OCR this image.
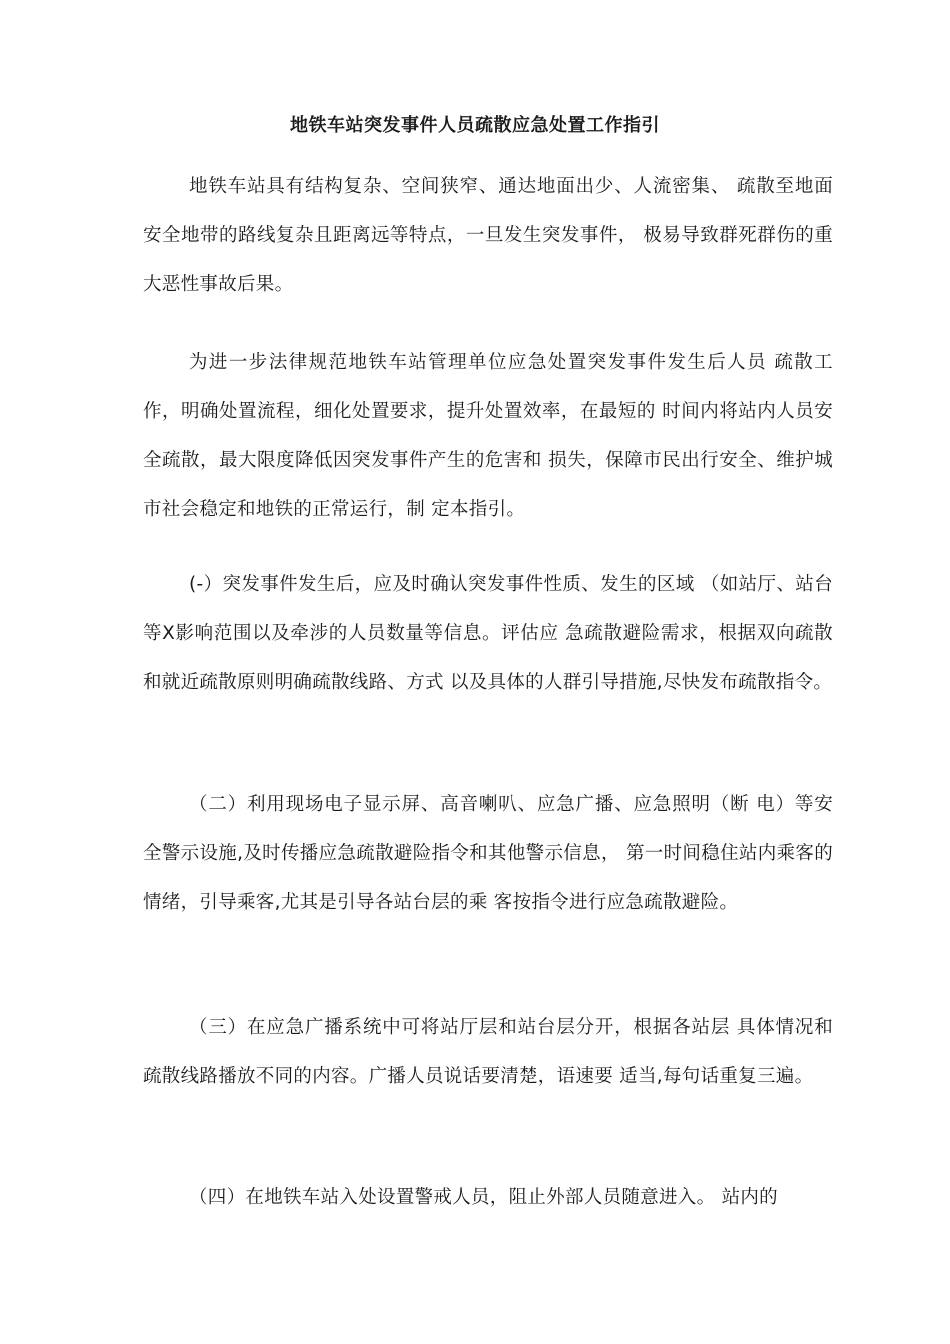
地铁车站突发事件人员疏散应急处置工作指引

地铁车站具有结构复杂、空间狭窄、通达地面出少、人流密集、 疏散至地面安全地带的路线复杂且距离远等特点，一旦发生突发事件， 极易导致群死群伤的重大恶性事故后果。

为进一步法律规范地铁车站管理单位应急处置突发事件发生后人员 疏散工作，明确处置流程，细化处置要求，提升处置效率，在最短的 时间内将站内人员安全疏散，最大限度降低因突发事件产生的危害和 损失，保障市民出行安全、维护城市社会稳定和地铁的正常运行，制 定本指引。

(-）突发事件发生后，应及时确认突发事件性质、发生的区域 （如站厅、站台等X影响范围以及牵涉的人员数量等信息。评估应 急疏散避险需求，根据双向疏散和就近疏散原则明确疏散线路、方式 以及具体的人群引导措施,尽快发布疏散指令。

（二）利用现场电子显示屏、高音喇叭、应急广播、应急照明（断 电）等安全警示设施,及时传播应急疏散避险指令和其他警示信息， 第一时间稳住站内乘客的情绪，引导乘客,尤其是引导各站台层的乘 客按指令进行应急疏散避险。

（三）在应急广播系统中可将站厅层和站台层分开，根据各站层 具体情况和疏散线路播放不同的内容。广播人员说话要清楚，语速要 适当,每句话重复三遍。

（四）在地铁车站入处设置警戒人员，阻止外部人员随意进入。 站内的
